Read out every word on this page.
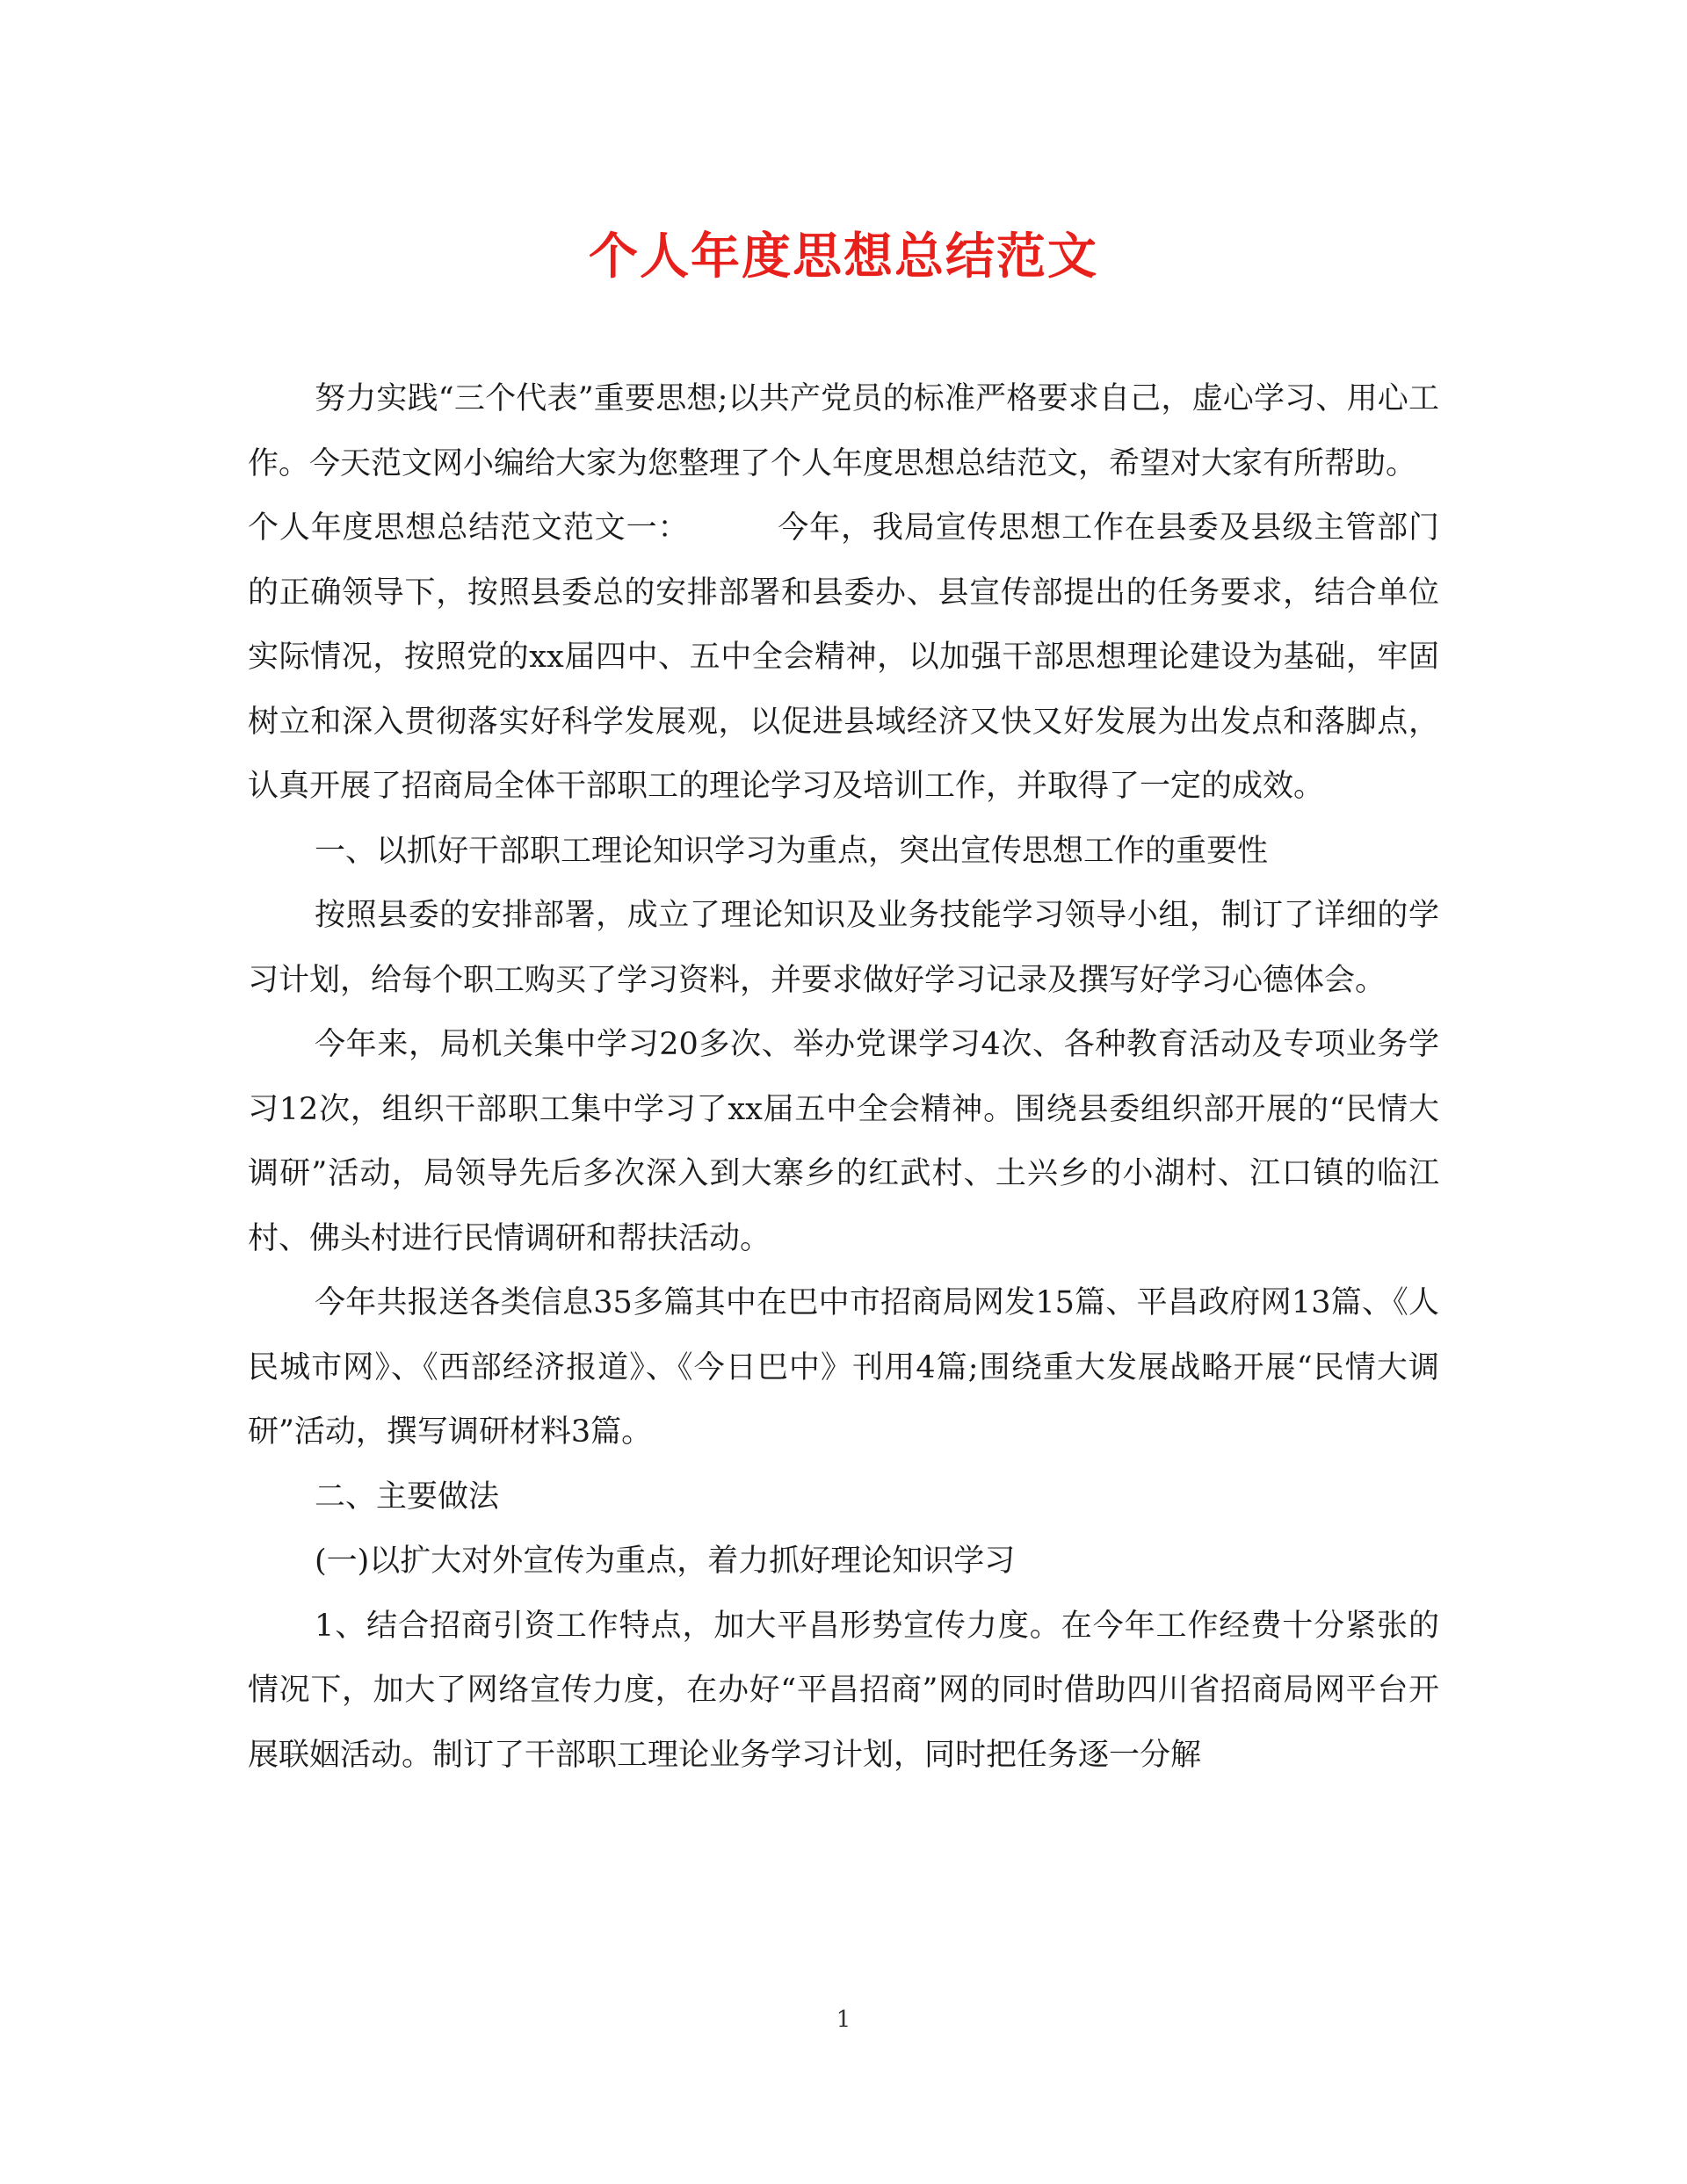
个人年度思想总结范文

努力实践“三个代表”重要思想;以共产党员的标准严格要求自己，虚心学习、用心工作。今天范文网小编给大家为您整理了个人年度思想总结范文，希望对大家有所帮助。

个人年度思想总结范文范文一：	今年，我局宣传思想工作在县委及县级主管部门的正确领导下，按照县委总的安排部署和县委办、县宣传部提出的任务要求，结合单位实际情况，按照党的xx届四中、五中全会精神，以加强干部思想理论建设为基础，牢固树立和深入贯彻落实好科学发展观，以促进县域经济又快又好发展为出发点和落脚点，认真开展了招商局全体干部职工的理论学习及培训工作，并取得了一定的成效。

一、以抓好干部职工理论知识学习为重点，突出宣传思想工作的重要性

按照县委的安排部署，成立了理论知识及业务技能学习领导小组，制订了详细的学习计划，给每个职工购买了学习资料，并要求做好学习记录及撰写好学习心德体会。

今年来，局机关集中学习20多次、举办党课学习4次、各种教育活动及专项业务学习12次，组织干部职工集中学习了xx届五中全会精神。围绕县委组织部开展的“民情大调研”活动，局领导先后多次深入到大寨乡的红武村、土兴乡的小湖村、江口镇的临江村、佛头村进行民情调研和帮扶活动。

今年共报送各类信息35多篇其中在巴中市招商局网发15篇、平昌政府网13篇、《人民城市网》、《西部经济报道》、《今日巴中》刊用4篇;围绕重大发展战略开展“民情大调研”活动，撰写调研材料3篇。

二、主要做法

(一)以扩大对外宣传为重点，着力抓好理论知识学习

1、结合招商引资工作特点，加大平昌形势宣传力度。在今年工作经费十分紧张的情况下，加大了网络宣传力度，在办好“平昌招商”网的同时借助四川省招商局网平台开展联姻活动。制订了干部职工理论业务学习计划，同时把任务逐一分解

1
